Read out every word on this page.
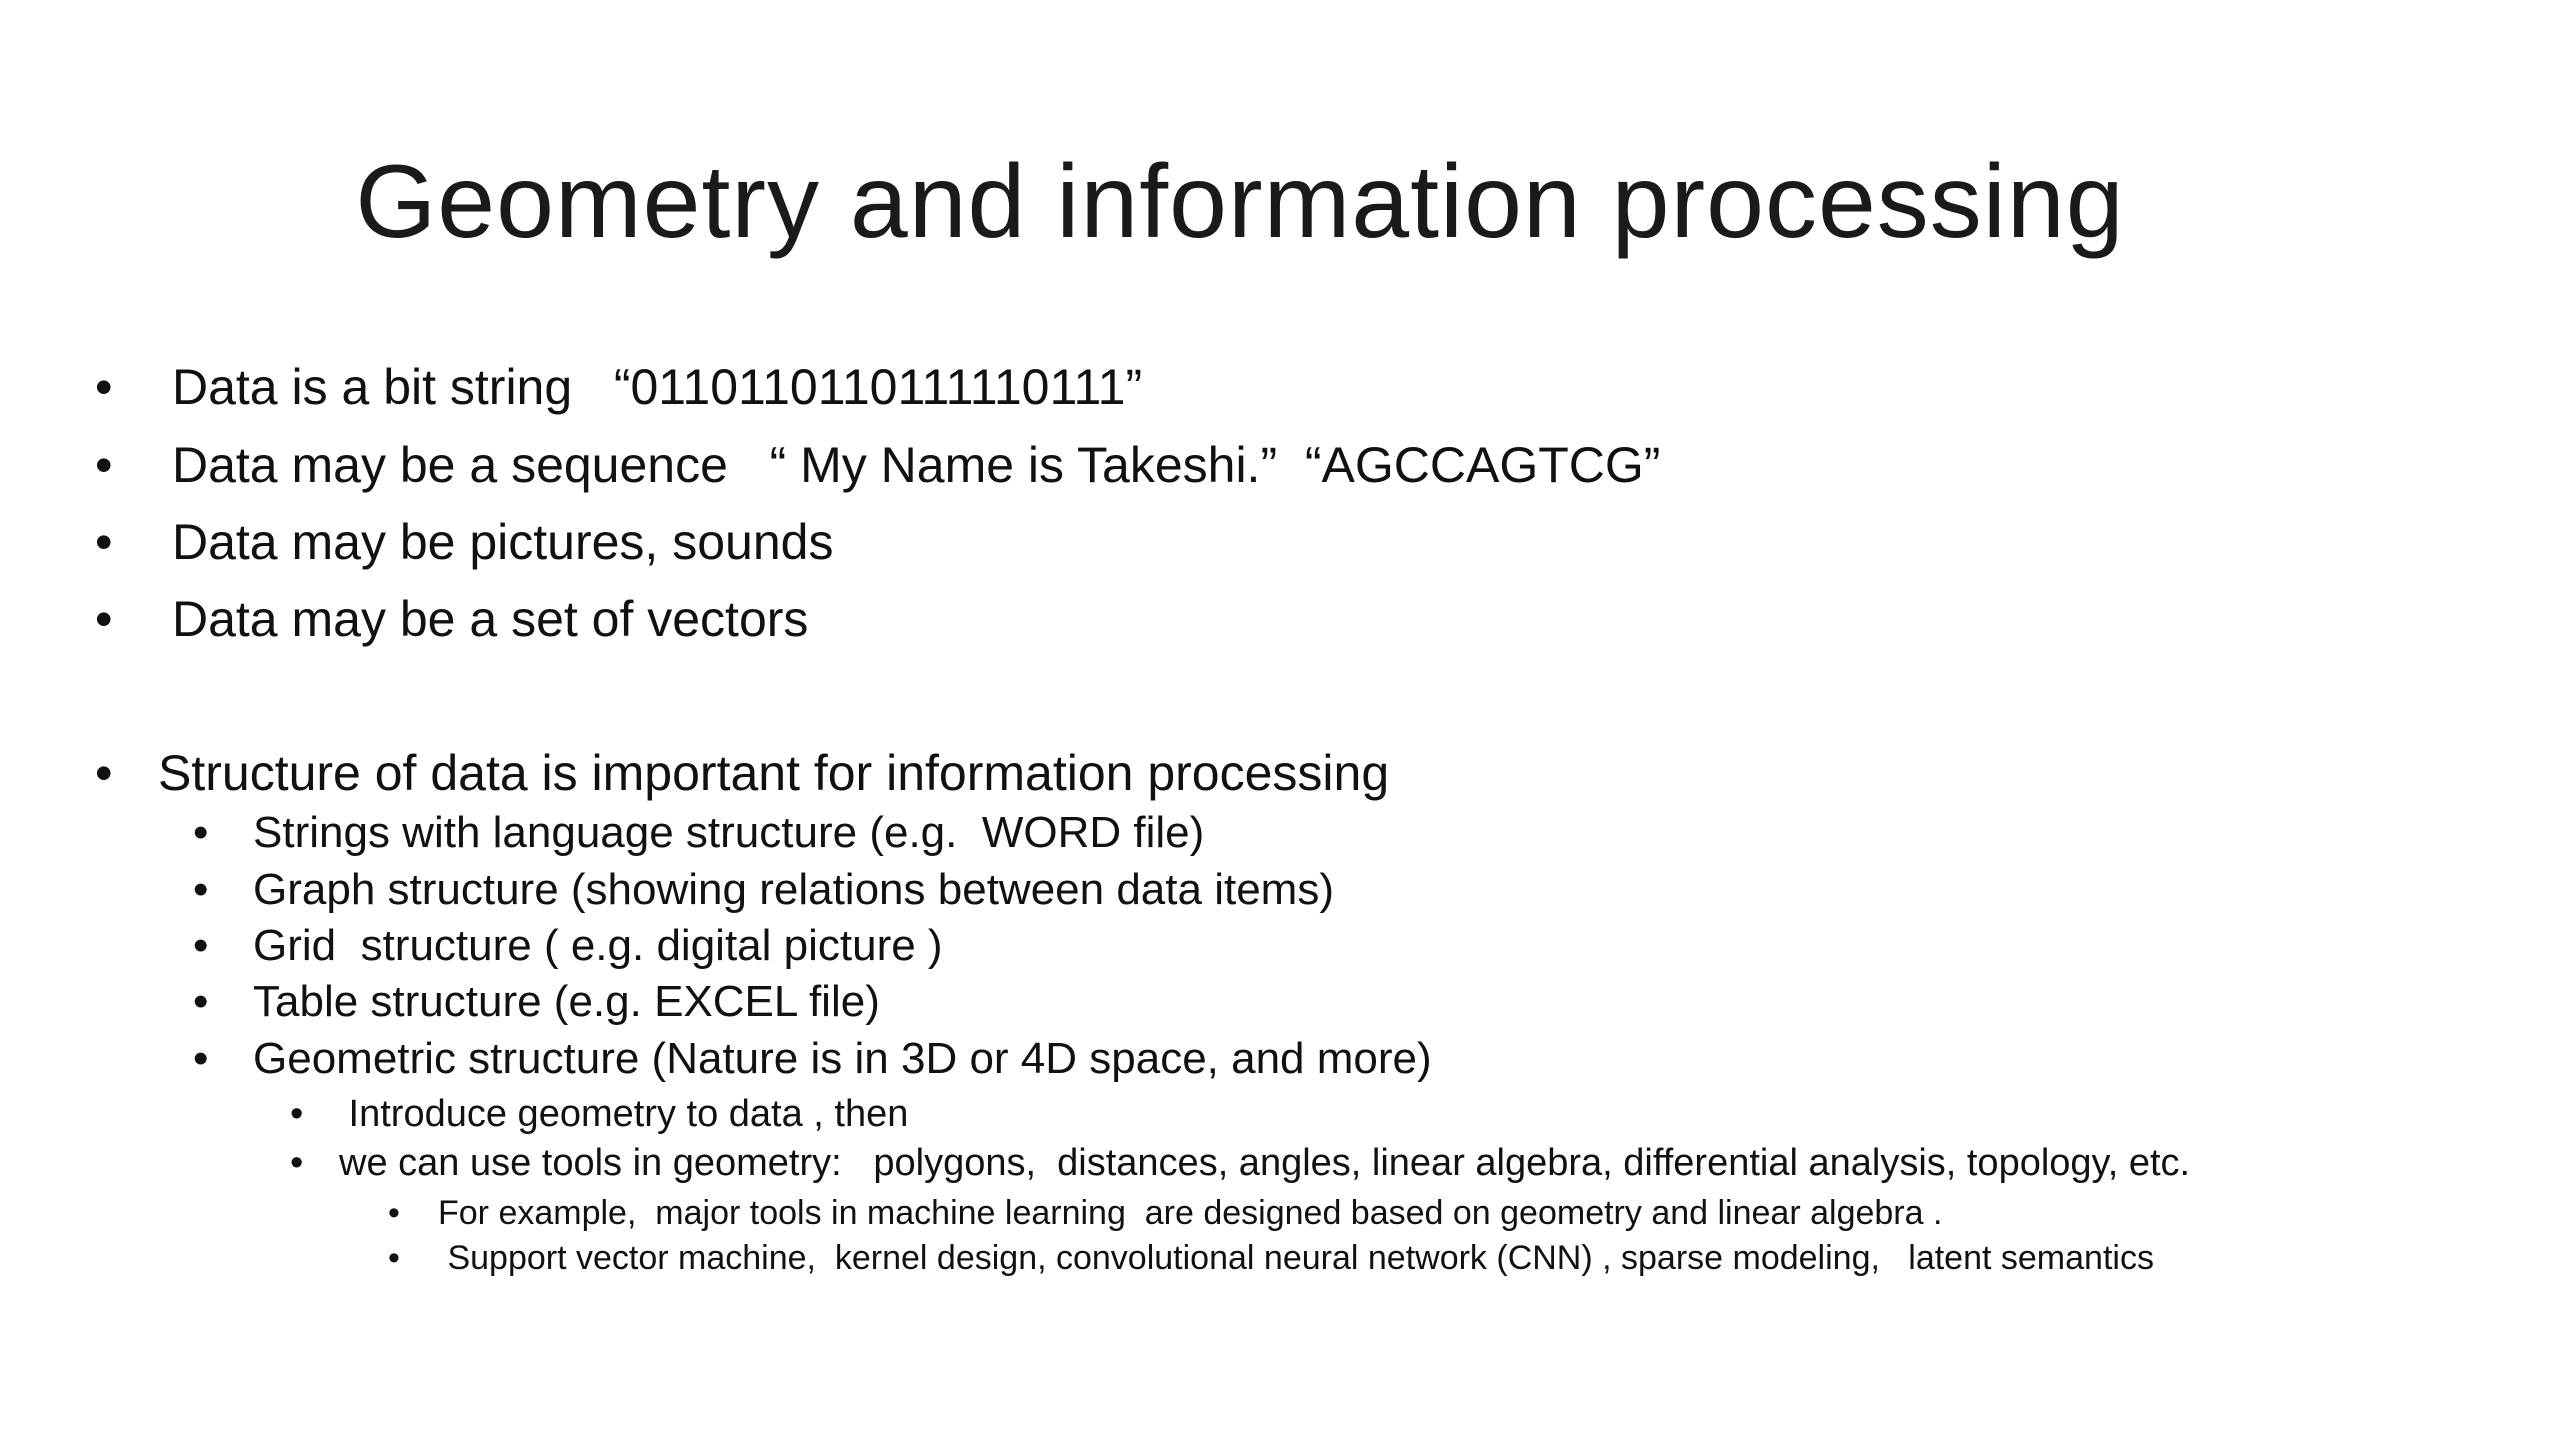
Geometry and information processing
•	Data is a bit string   “0110110110111110111”
•	Data may be a sequence   “ My Name is Takeshi.”  “AGCCAGTCG”
•	Data may be pictures, sounds
•	Data may be a set of vectors
• Structure of data is important for information processing
•	Strings with language structure (e.g.  WORD file)
•	Graph structure (showing relations between data items)
•	Grid  structure ( e.g. digital picture )
•	Table structure (e.g. EXCEL file)
•	Geometric structure (Nature is in 3D or 4D space, and more)
• Introduce geometry to data , then
• we can use tools in geometry:   polygons,  distances, angles, linear algebra, differential analysis, topology, etc.
•	For example,  major tools in machine learning  are designed based on geometry and linear algebra .
•	Support vector machine,  kernel design, convolutional neural network (CNN) , sparse modeling,   latent semantics
